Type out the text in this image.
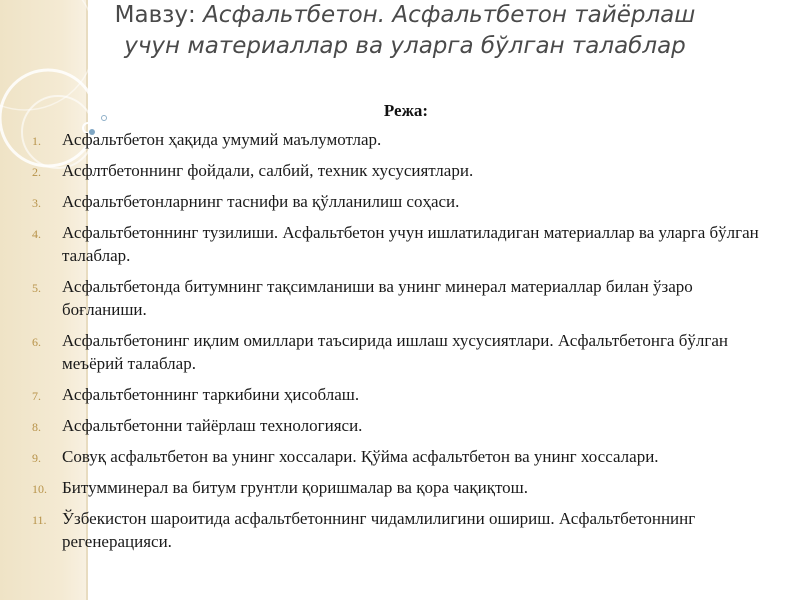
Мавзу: Асфальтбетон. Асфальтбетон тайёрлаш учун материаллар ва уларга бўлган талаблар
Режа:
1. Асфальтбетон ҳақида умумий маълумотлар.
2. Асфлтбетоннинг фойдали, салбий, техник хусусиятлари.
3. Асфальтбетонларнинг таснифи ва қўлланилиш соҳаси.
4. Асфальтбетоннинг тузилиши. Асфальтбетон учун ишлатиладиган материаллар ва уларга бўлган талаблар.
5. Асфальтбетонда битумнинг тақсимланиши ва унинг минерал материаллар билан ўзаро боғланиши.
6. Асфальтбетонинг иқлим омиллари таъсирида ишлаш хусусиятлари. Асфальтбетонга бўлган меъёрий талаблар.
7. Асфальтбетоннинг таркибини ҳисоблаш.
8. Асфальтбетонни тайёрлаш технологияси.
9. Совуқ асфальтбетон ва унинг хоссалари. Қўйма асфальтбетон ва унинг хоссалари.
10. Битумминерал ва битум грунтли қоришмалар ва қора чақиқтош.
11. Ўзбекистон шароитида асфальтбетоннинг чидамлилигини ошириш. Асфальтбетоннинг регенерацияси.
